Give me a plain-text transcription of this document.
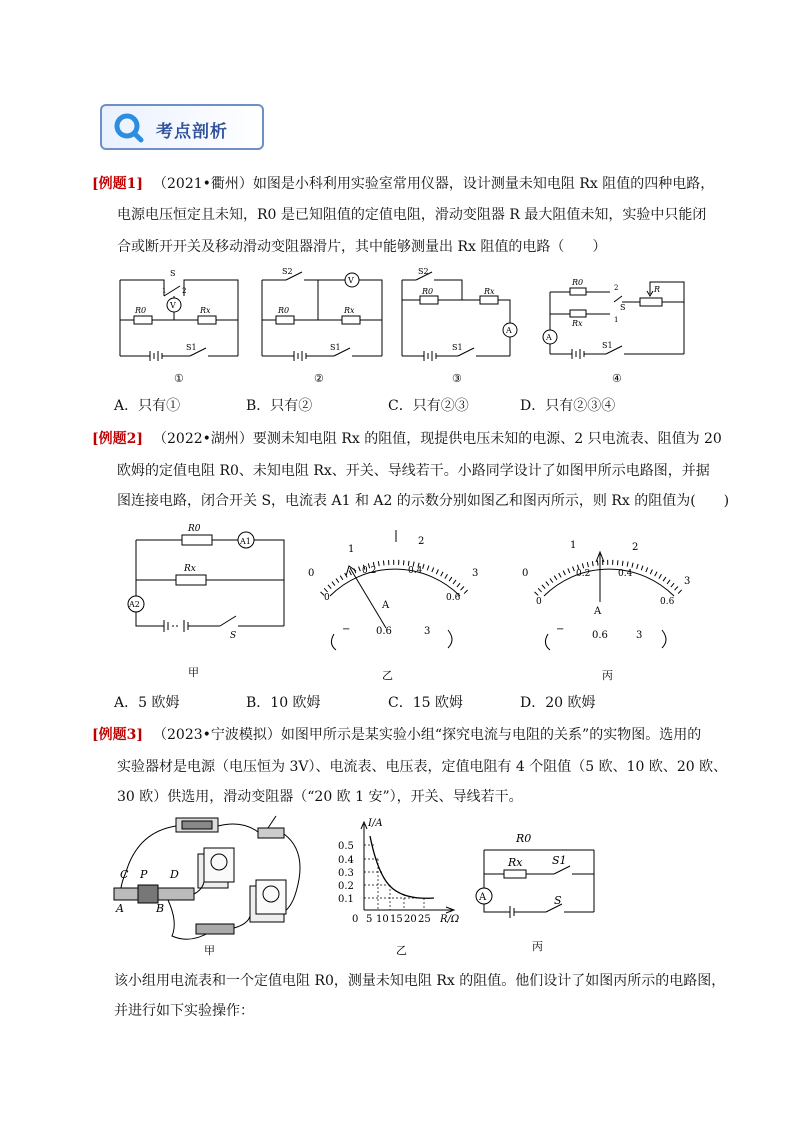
考点剖析
[例题1] （2021•衢州）如图是小科利用实验室常用仪器，设计测量未知电阻 Rx 阻值的四种电路，
电源电压恒定且未知，R0 是已知阻值的定值电阻，滑动变阻器 R 最大阻值未知，实验中只能闭
合或断开开关及移动滑动变阻器滑片，其中能够测量出 Rx 阻值的电路（　　）
S
1 2
V
R0	Rx
S1
①
S2
V
R0	Rx
S1
②
S2
R0	Rx
A
S1
③
R0
Rx
2
1
S
R
A
S1
④
A．只有①	B．只有②	C．只有②③	D．只有②③④
[例题2] （2022•湖州）要测未知电阻 Rx 的阻值，现提供电压未知的电源、2 只电流表、阻值为 20
欧姆的定值电阻 R0、未知电阻 Rx、开关、导线若干。小路同学设计了如图甲所示电路图，并据
图连接电路，闭合开关 S，电流表 A1 和 A2 的示数分别如图乙和图丙所示，则 Rx 的阻值为(　　)
R0
A1
Rx
A2
S
甲
0
1
2
3
0
0.2	0.4
0.6
A
−	0.6	3
乙
0
1	2
3
0
0.2	0.4
0.6
A
−
0.6	3
丙
A．5 欧姆	B．10 欧姆	C．15 欧姆	D．20 欧姆
[例题3] （2023•宁波模拟）如图甲所示是某实验小组“探究电流与电阻的关系”的实物图。选用的
实验器材是电源（电压恒为 3V）、电流表、电压表，定值电阻有 4 个阻值（5 欧、10 欧、20 欧、
30 欧）供选用，滑动变阻器（“20 欧 1 安”），开关、导线若干。
C P D
A	B
甲
I/A
0.5
0.4
0.3
0.2
0.1
0 5 10 15 20 25 R/Ω
乙
R0
Rx	S1
A	S
丙
该小组用电流表和一个定值电阻 R0，测量未知电阻 Rx 的阻值。他们设计了如图丙所示的电路图，
并进行如下实验操作：
